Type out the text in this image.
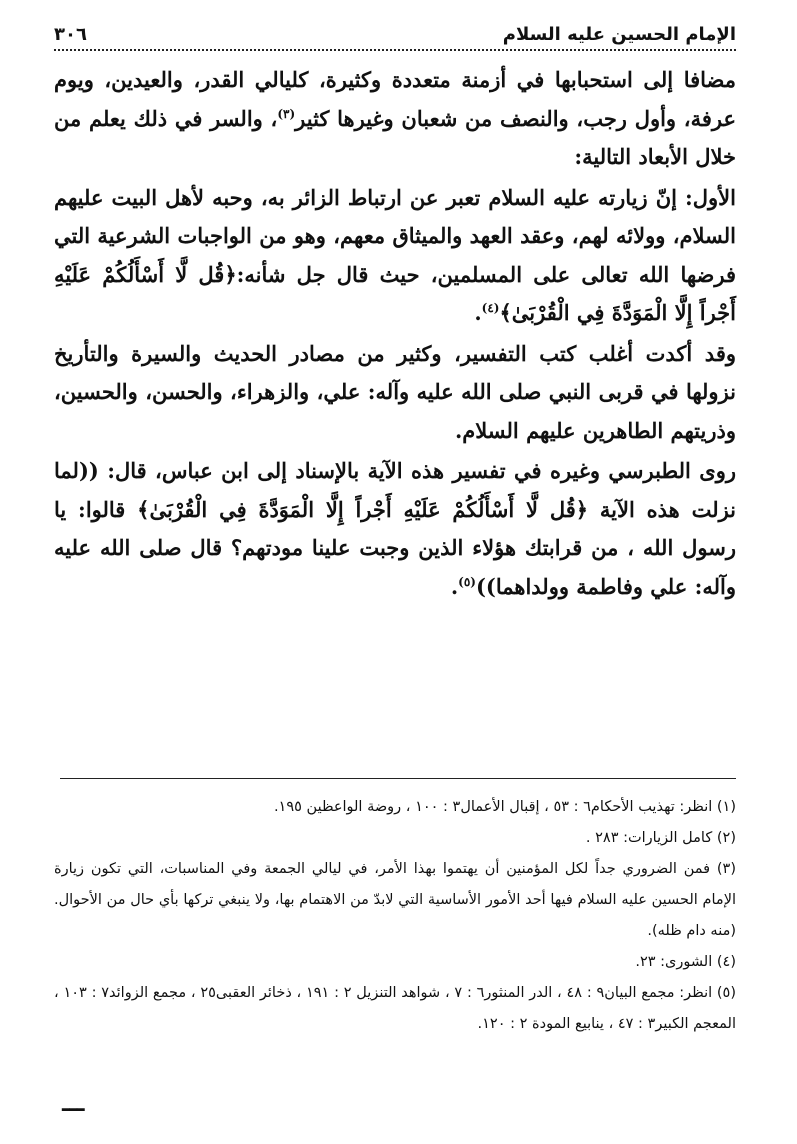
الإمام الحسين عليه السلام
٣٠٦

مضافا إلى استحبابها في أزمنة متعددة وكثيرة، كليالي القدر، والعيدين، ويوم عرفة، وأول رجب، والنصف من شعبان وغيرها كثير$^{(٣)}$، والسر في ذلك يعلم من خلال الأبعاد التالية:

الأول: إنّ زيارته عليه السلام تعبر عن ارتباط الزائر به، وحبه لأهل البيت عليهم السلام، وولائه لهم، وعقد العهد والميثاق معهم، وهو من الواجبات الشرعية التي فرضها الله تعالى على المسلمين، حيث قال جل شأنه:﴿قُل لَّا أَسْأَلُكُمْ عَلَيْهِ أَجْراً إِلَّا الْمَوَدَّةَ فِي الْقُرْبَىٰ﴾$^{(٤)}$.

وقد أكدت أغلب كتب التفسير، وكثير من مصادر الحديث والسيرة والتأريخ نزولها في قربى النبي صلى الله عليه وآله: علي، والزهراء، والحسن، والحسين، وذريتهم الطاهرين عليهم السلام.

روى الطبرسي وغيره في تفسير هذه الآية بالإسناد إلى ابن عباس، قال: ((لما نزلت هذه الآية ﴿قُل لَّا أَسْأَلُكُمْ عَلَيْهِ أَجْراً إِلَّا الْمَوَدَّةَ فِي الْقُرْبَىٰ﴾ قالوا: يا رسول الله ، من قرابتك هؤلاء الذين وجبت علينا مودتهم؟ قال صلى الله عليه وآله: علي وفاطمة وولداهما))$^{(٥)}$.

(١) انظر: تهذيب الأحكام٦ : ٥٣ ، إقبال الأعمال٣ : ١٠٠ ، روضة الواعظين ١٩٥.

(٢) كامل الزيارات: ٢٨٣ .

(٣) فمن الضروري جداً لكل المؤمنين أن يهتموا بهذا الأمر، في ليالي الجمعة وفي المناسبات، التي تكون زيارة الإمام الحسين عليه السلام فيها أحد الأمور الأساسية التي لابدّ من الاهتمام بها، ولا ينبغي تركها بأي حال من الأحوال. (منه دام ظله).

(٤) الشورى: ٢٣.

(٥) انظر: مجمع البيان٩ : ٤٨ ، الدر المنثور٦ : ٧ ، شواهد التنزيل ٢ : ١٩١ ، ذخائر العقبى٢٥ ، مجمع الزوائد٧ : ١٠٣ ، المعجم الكبير٣ : ٤٧ ، ينابيع المودة ٢ : ١٢٠.

ـــ
